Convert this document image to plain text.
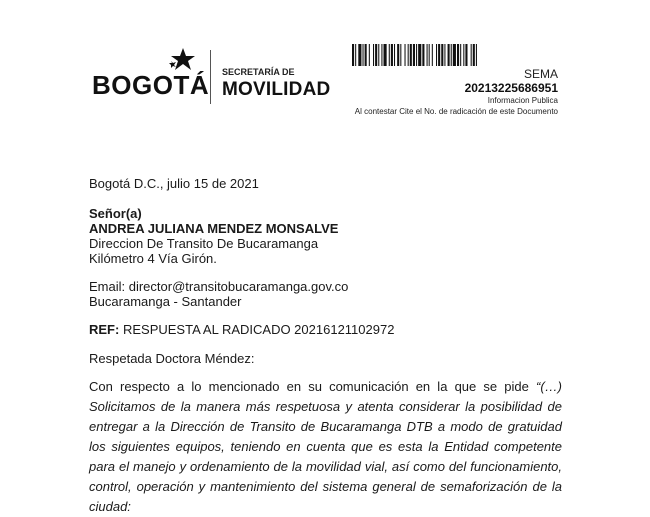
BOGOTÁ SECRETARÍA DE
MOVILIDAD
SEMA
20213225686951
Informacion Publica
Al contestar Cite el No. de radicación de este Documento
Bogotá D.C., julio 15 de 2021
Señor(a)
ANDREA JULIANA MENDEZ MONSALVE
Direccion De Transito De Bucaramanga
Kilómetro 4 Vía Girón.
Email: director@transitobucaramanga.gov.co
Bucaramanga - Santander
REF: RESPUESTA AL RADICADO 20216121102972
Respetada Doctora Méndez:
Con respecto a lo mencionado en su comunicación en la que se pide “(…) Solicitamos de la manera más respetuosa y atenta considerar la posibilidad de entregar a la Dirección de Transito de Bucaramanga DTB a modo de gratuidad los siguientes equipos, teniendo en cuenta que es esta la Entidad competente para el manejo y ordenamiento de la movilidad vial, así como del funcionamiento, control, operación y mantenimiento del sistema general de semaforización de la ciudad:
